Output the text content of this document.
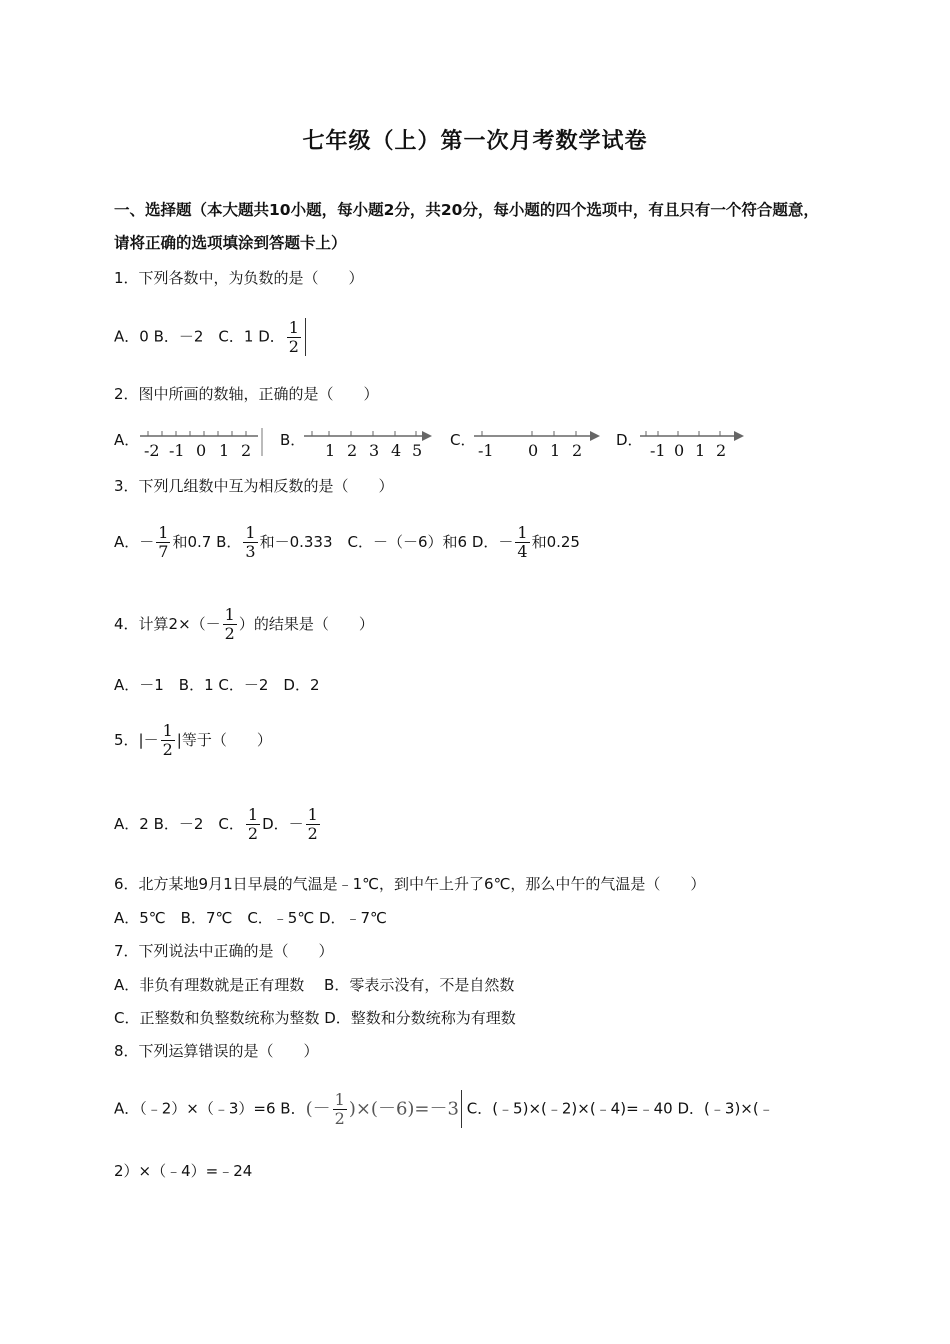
七年级（上）第一次月考数学试卷
一、选择题（本大题共10小题，每小题2分，共20分，每小题的四个选项中，有且只有一个符合题意，
请将正确的选项填涂到答题卡上）
1．下列各数中，为负数的是（　　）
A．0 B．－2　C．1 D． $\frac{1}{2}$
2．图中所画的数轴，正确的是（　　）
A．
-2 -1 0 1 2
B．
1 2 3 4 5
C．
-1 0 1 2
D．
-1 0 1 2
3．下列几组数中互为相反数的是（　　）
A．－ $\frac{1}{7}$ 和0.7 B． $\frac{1}{3}$ 和－0.333　C．－（－6）和6 D．－ $\frac{1}{4}$ 和0.25
4．计算$2\times(- \frac{1}{2}$ ）的结果是（　　）
A．－1　B．1 C．－2　D．2
5．|－ $\frac{1}{2}$ |等于（　　）
A．2 B．－2　C． $\frac{1}{2}$ D．－ $\frac{1}{2}$
6．北方某地9月1日早晨的气温是﹣1℃，到中午上升了6℃，那么中午的气温是（　　）
A．5℃　B．7℃　C．﹣5℃ D．﹣7℃
7．下列说法中正确的是（　　）
A．非负有理数就是正有理数　 B．零表示没有，不是自然数
C．正整数和负整数统称为整数 D．整数和分数统称为有理数
8．下列运算错误的是（　　）
A．（﹣2）×（﹣3）=6 B．(－ $\frac{1}{2} )\times(-6)=-3$ C．(﹣5)×(﹣2)×(﹣4)=﹣40 D．(﹣3)×(﹣
2）×（﹣4）=﹣24
